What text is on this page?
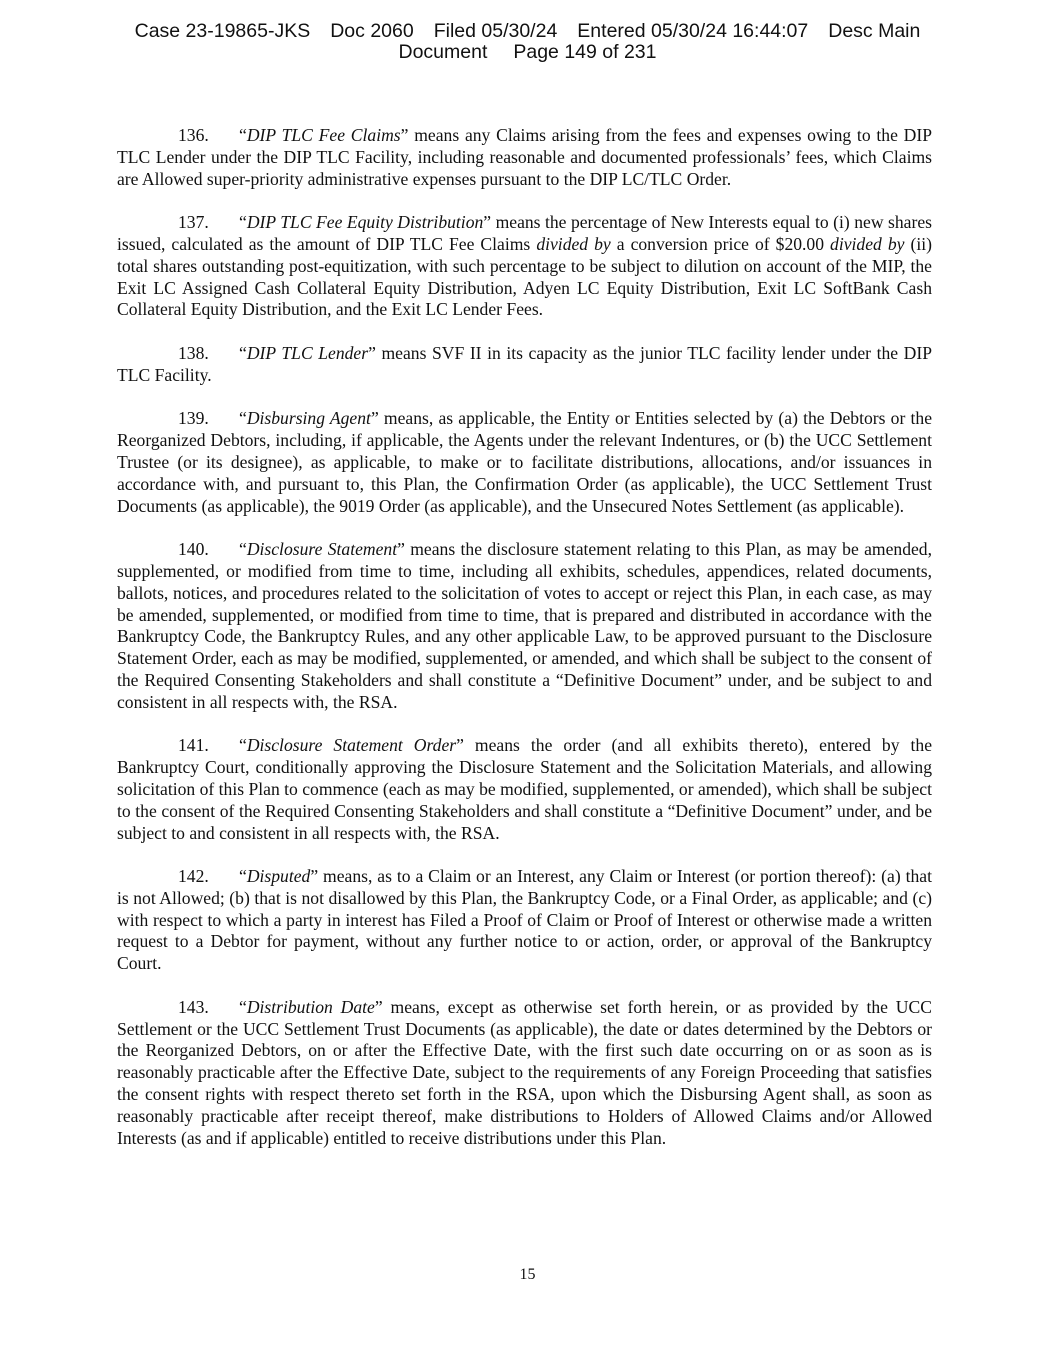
Case 23-19865-JKS Doc 2060 Filed 05/30/24 Entered 05/30/24 16:44:07 Desc Main
Document Page 149 of 231

136. “DIP TLC Fee Claims” means any Claims arising from the fees and expenses owing to the DIP TLC Lender under the DIP TLC Facility, including reasonable and documented professionals’ fees, which Claims are Allowed super-priority administrative expenses pursuant to the DIP LC/TLC Order.

137. “DIP TLC Fee Equity Distribution” means the percentage of New Interests equal to (i) new shares issued, calculated as the amount of DIP TLC Fee Claims divided by a conversion price of $20.00 divided by (ii) total shares outstanding post-equitization, with such percentage to be subject to dilution on account of the MIP, the Exit LC Assigned Cash Collateral Equity Distribution, Adyen LC Equity Distribution, Exit LC SoftBank Cash Collateral Equity Distribution, and the Exit LC Lender Fees.

138. “DIP TLC Lender” means SVF II in its capacity as the junior TLC facility lender under the DIP TLC Facility.

139. “Disbursing Agent” means, as applicable, the Entity or Entities selected by (a) the Debtors or the Reorganized Debtors, including, if applicable, the Agents under the relevant Indentures, or (b) the UCC Settlement Trustee (or its designee), as applicable, to make or to facilitate distributions, allocations, and/or issuances in accordance with, and pursuant to, this Plan, the Confirmation Order (as applicable), the UCC Settlement Trust Documents (as applicable), the 9019 Order (as applicable), and the Unsecured Notes Settlement (as applicable).

140. “Disclosure Statement” means the disclosure statement relating to this Plan, as may be amended, supplemented, or modified from time to time, including all exhibits, schedules, appendices, related documents, ballots, notices, and procedures related to the solicitation of votes to accept or reject this Plan, in each case, as may be amended, supplemented, or modified from time to time, that is prepared and distributed in accordance with the Bankruptcy Code, the Bankruptcy Rules, and any other applicable Law, to be approved pursuant to the Disclosure Statement Order, each as may be modified, supplemented, or amended, and which shall be subject to the consent of the Required Consenting Stakeholders and shall constitute a “Definitive Document” under, and be subject to and consistent in all respects with, the RSA.

141. “Disclosure Statement Order” means the order (and all exhibits thereto), entered by the Bankruptcy Court, conditionally approving the Disclosure Statement and the Solicitation Materials, and allowing solicitation of this Plan to commence (each as may be modified, supplemented, or amended), which shall be subject to the consent of the Required Consenting Stakeholders and shall constitute a “Definitive Document” under, and be subject to and consistent in all respects with, the RSA.

142. “Disputed” means, as to a Claim or an Interest, any Claim or Interest (or portion thereof): (a) that is not Allowed; (b) that is not disallowed by this Plan, the Bankruptcy Code, or a Final Order, as applicable; and (c) with respect to which a party in interest has Filed a Proof of Claim or Proof of Interest or otherwise made a written request to a Debtor for payment, without any further notice to or action, order, or approval of the Bankruptcy Court.

143. “Distribution Date” means, except as otherwise set forth herein, or as provided by the UCC Settlement or the UCC Settlement Trust Documents (as applicable), the date or dates determined by the Debtors or the Reorganized Debtors, on or after the Effective Date, with the first such date occurring on or as soon as is reasonably practicable after the Effective Date, subject to the requirements of any Foreign Proceeding that satisfies the consent rights with respect thereto set forth in the RSA, upon which the Disbursing Agent shall, as soon as reasonably practicable after receipt thereof, make distributions to Holders of Allowed Claims and/or Allowed Interests (as and if applicable) entitled to receive distributions under this Plan.

15
